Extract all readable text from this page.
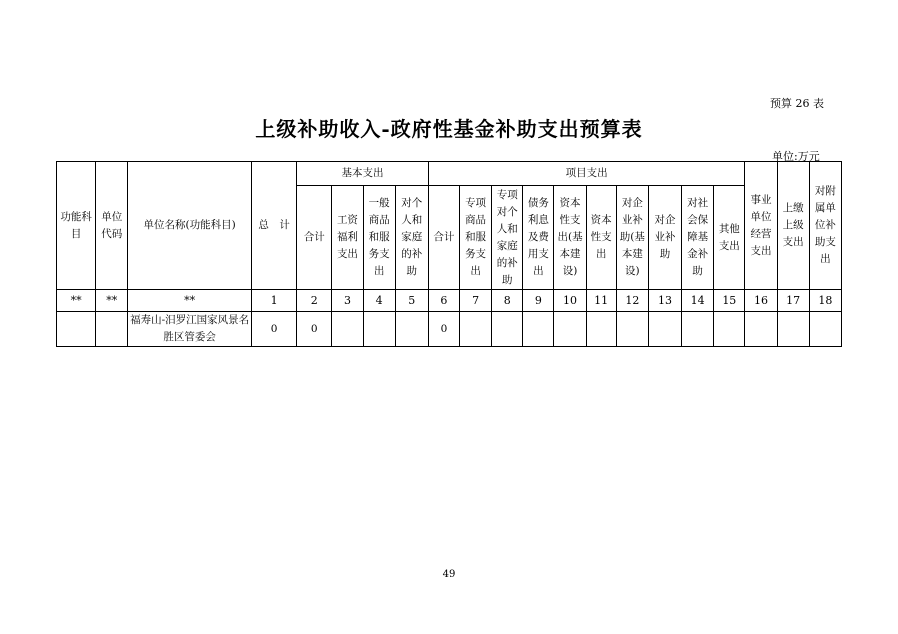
预算 26 表
上级补助收入-政府性基金补助支出预算表
单位:万元
功能科目	单位代码	单位名称(功能科目)	总　计	基本支出				项目支出										事业单位经营支出	上缴上级支出	对附属单位补助支出

				合计	工资福利支出	一般商品和服务支出	对个人和家庭的补助	合计	专项商品和服务支出	专项对个人和家庭的补助	债务利息及费用支出	资本性支出(基本建设)	资本性支出	对企业补助(基本建设)	对企业补助	对社会保障基金补助	其他支出			

**	**	**	1	2	3	4	5	6	7	8	9	10	11	12	13	14	15	16	17	18
		福寿山-汨罗江国家风景名胜区管委会	0	0				0												
49
